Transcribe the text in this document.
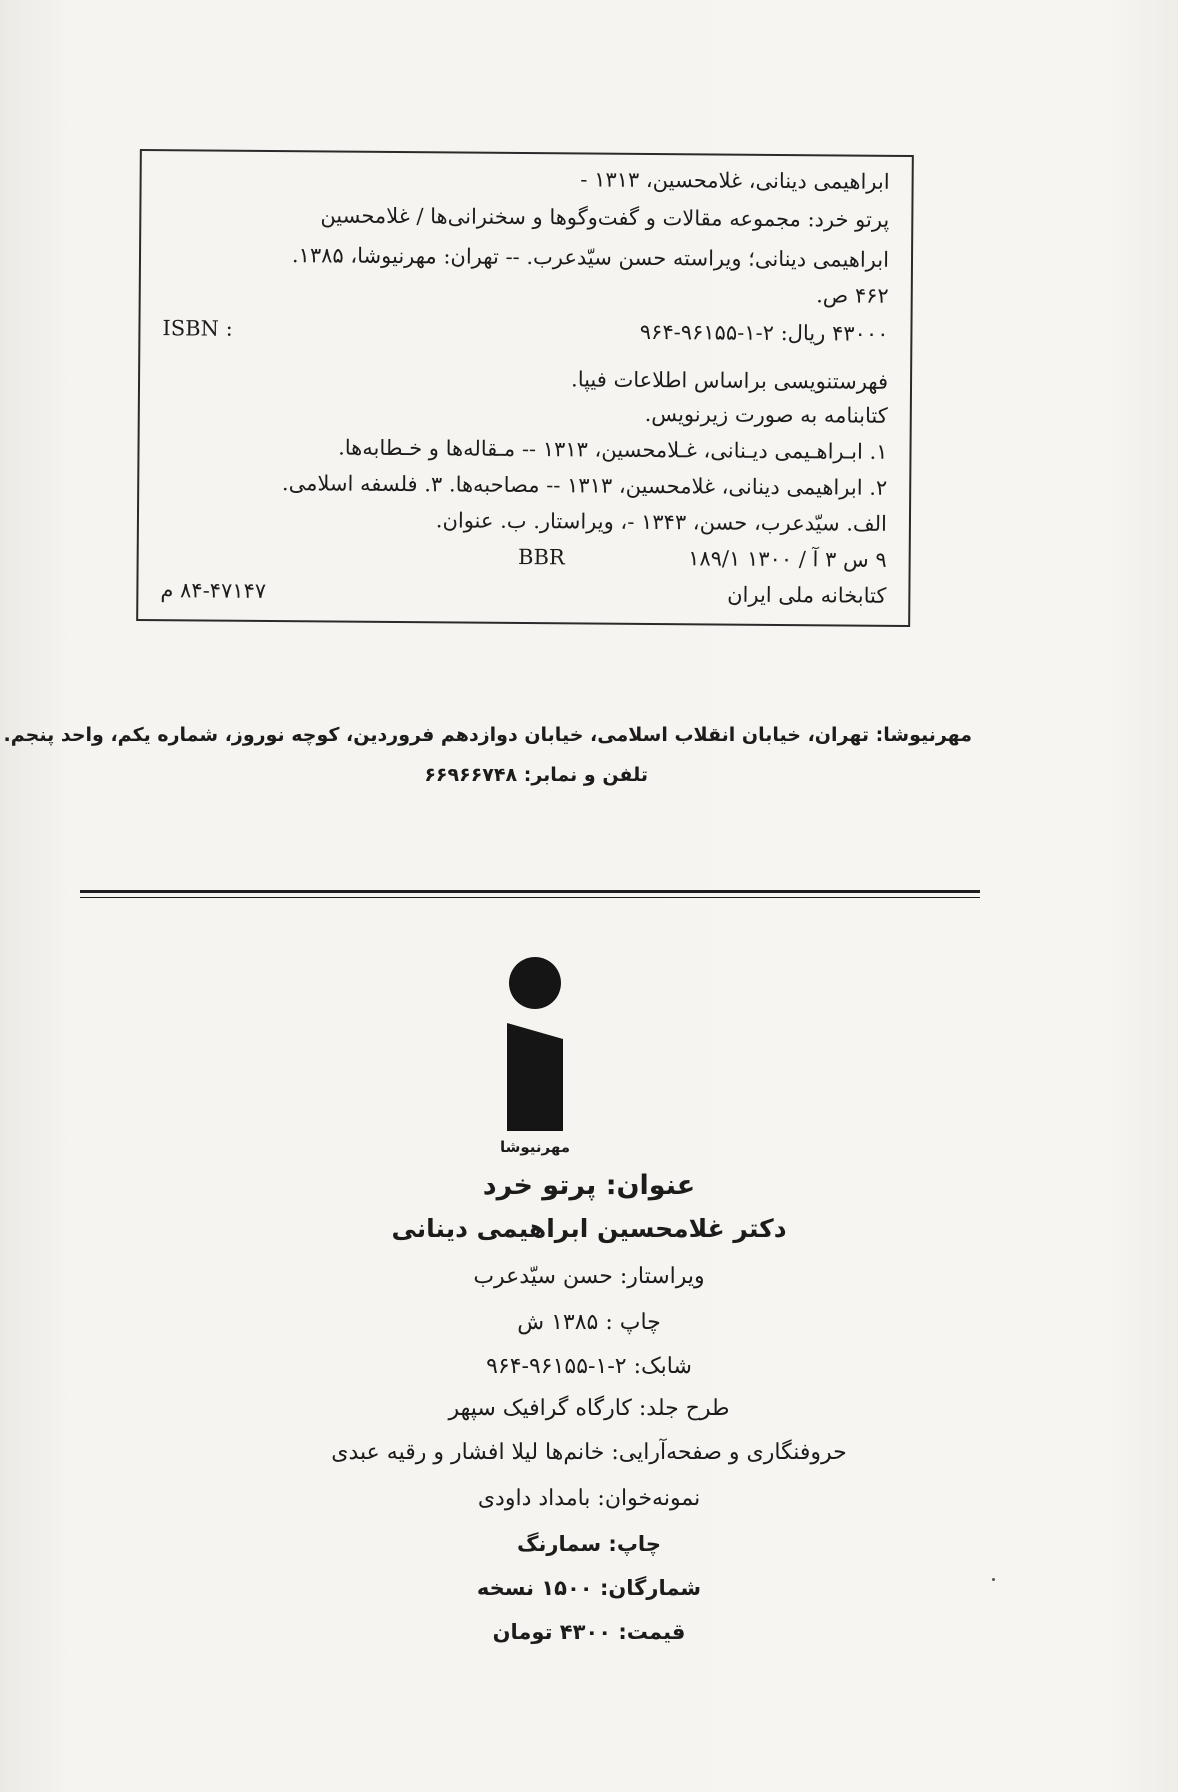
ابراهیمی دینانی، غلامحسین، ۱۳۱۳ -
پرتو خرد: مجموعه مقالات و گفت‌وگوها و سخنرانی‌ها / غلامحسین
ابراهیمی دینانی؛ ویراسته حسن سیّدعرب. -- تهران: مهرنیوشا، ۱۳۸۵.
۴۶۲ ص.
۴۳۰۰۰ ریال: ۲-۱-۹۶۱۵۵-۹۶۴
ISBN :
فهرستنویسی براساس اطلاعات فیپا.
کتابنامه به صورت زیرنویس.
۱. ابـراهـیمی دیـنانی، غـلامحسین، ۱۳۱۳ -- مـقاله‌ها و خـطابه‌ها.
۲. ابراهیمی دینانی، غلامحسین، ۱۳۱۳ -- مصاحبه‌ها. ۳. فلسفه اسلامی.
الف. سیّدعرب، حسن، ۱۳۴۳ -، ویراستار. ب. عنوان.
۹ س ۳ آ / ۱۳۰۰ BBR	۱۸۹/۱
کتابخانه ملی ایران
۸۴-۴۷۱۴۷ م
مهرنیوشا: تهران، خیابان انقلاب اسلامی، خیابان دوازدهم فروردین، کوچه نوروز، شماره یکم، واحد پنجم.
تلفن و نمابر: ۶۶۹۶۶۷۴۸
مهرنیوشا
عنوان: پرتو خرد
دکتر غلامحسین ابراهیمی دینانی
ویراستار: حسن سیّدعرب
چاپ : ۱۳۸۵ ش
شابک: ۲-۱-۹۶۱۵۵-۹۶۴
طرح جلد: کارگاه گرافیک سپهر
حروفنگاری و صفحه‌آرایی: خانم‌ها لیلا افشار و رقیه عبدی
نمونه‌خوان: بامداد داودی
چاپ: سمارنگ
شمارگان: ۱۵۰۰ نسخه
قیمت: ۴۳۰۰ تومان
